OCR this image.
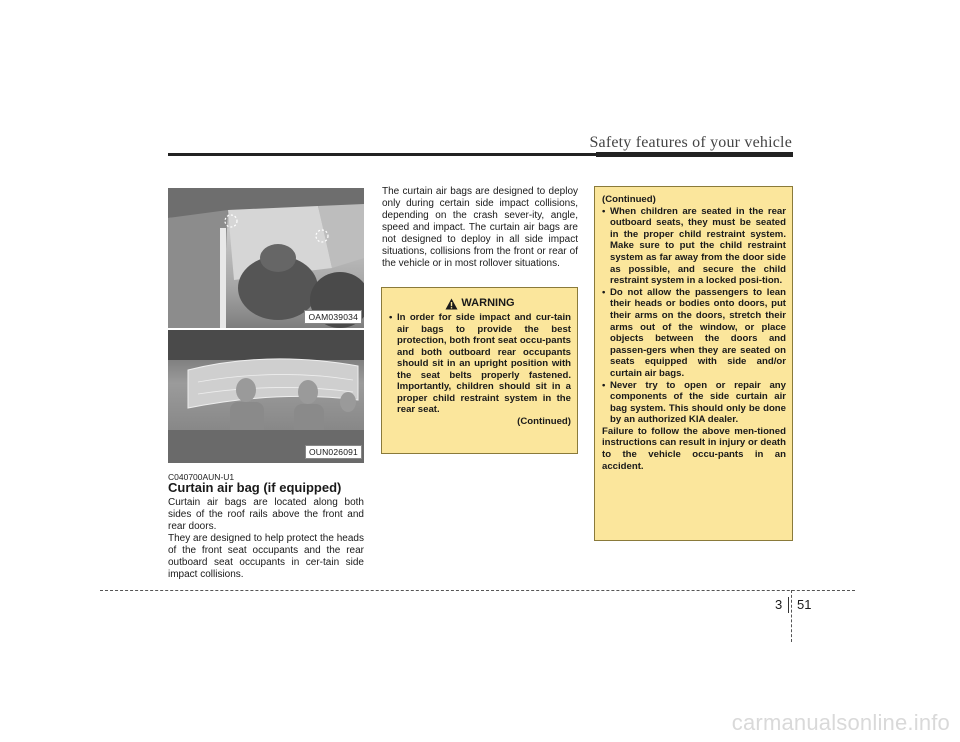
Safety features of your vehicle
OAM039034
OUN026091
C040700AUN-U1
Curtain air bag (if equipped)
Curtain air bags are located along both sides of the roof rails above the front and rear doors.
They are designed to help protect the heads of the front seat occupants and the rear outboard seat occupants in cer-tain side impact collisions.
The curtain air bags are designed to deploy only during certain side impact collisions, depending on the crash sever-ity, angle, speed and impact. The curtain air bags are not designed to deploy in all side impact situations, collisions from the front or rear of the vehicle or in most rollover situations.
WARNING
• In order for side impact and cur-tain air bags to provide the best protection, both front seat occu-pants and both outboard rear occupants should sit in an upright position with the seat belts properly fastened. Importantly, children should sit in a proper child restraint system in the rear seat.
(Continued)
(Continued)
• When children are seated in the rear outboard seats, they must be seated in the proper child restraint system. Make sure to put the child restraint system as far away from the door side as possible, and secure the child restraint system in a locked posi-tion.
• Do not allow the passengers to lean their heads or bodies onto doors, put their arms on the doors, stretch their arms out of the window, or place objects between the doors and passen-gers when they are seated on seats equipped with side and/or curtain air bags.
• Never try to open or repair any components of the side curtain air bag system. This should only be done by an authorized KIA dealer.
Failure to follow the above men-tioned instructions can result in injury or death to the vehicle occu-pants in an accident.
3 51
carmanualsonline.info
